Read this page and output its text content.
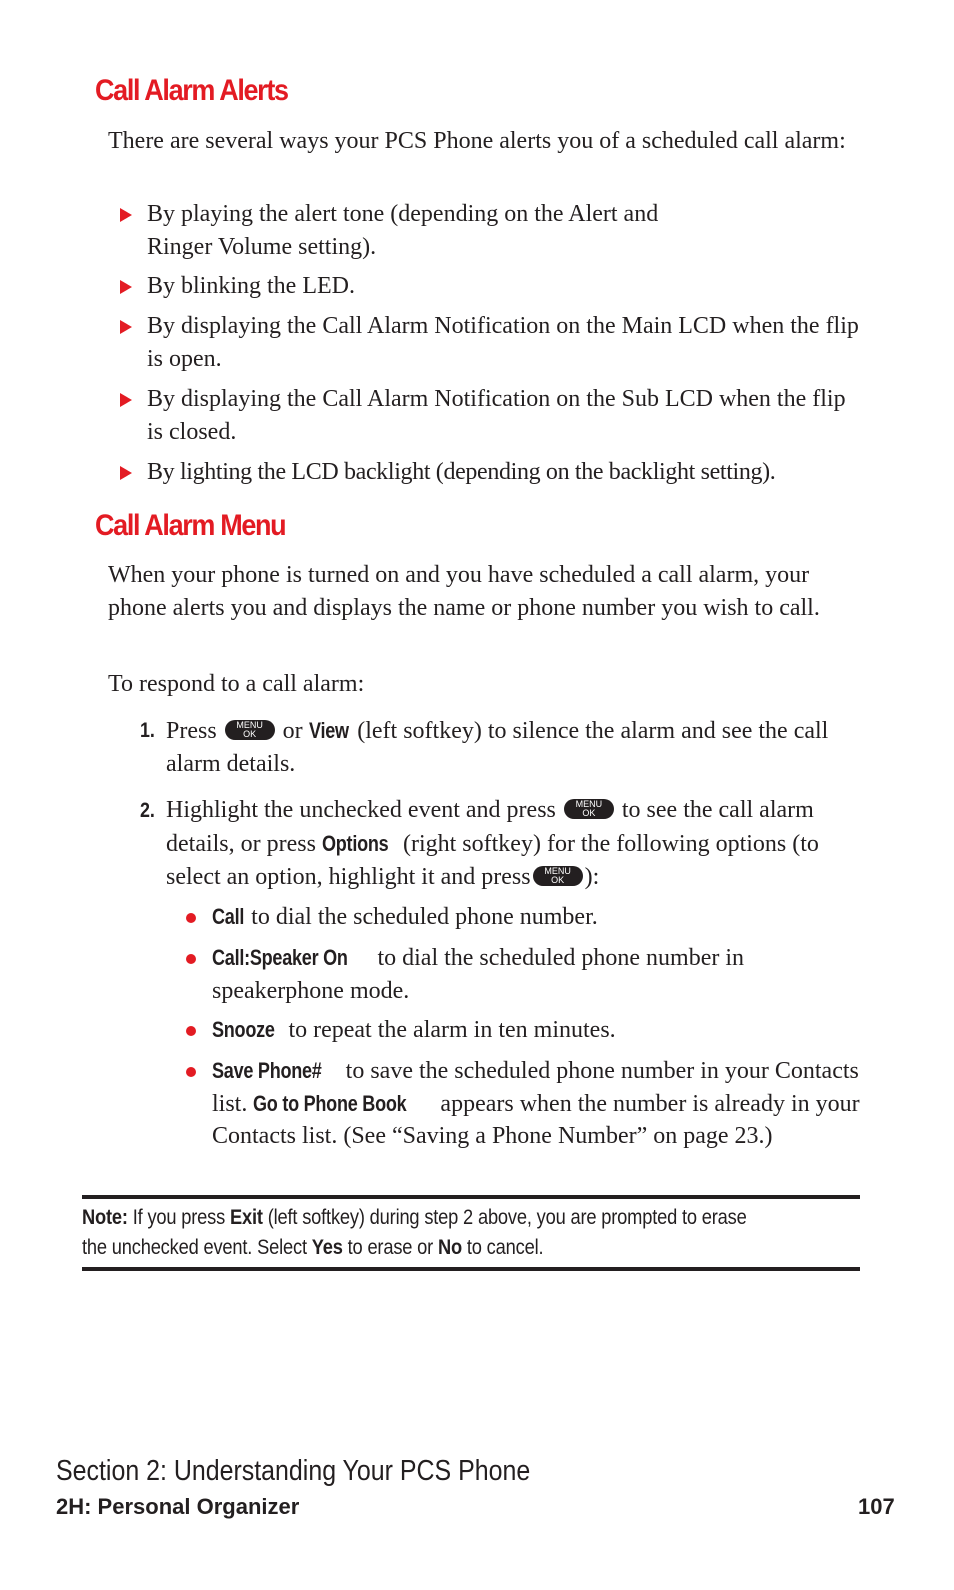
Call Alarm Alerts

There are several ways your PCS Phone alerts you of a scheduled call alarm:

By playing the alert tone (depending on the Alert and
Ringer Volume setting).
By blinking the LED.
By displaying the Call Alarm Notification on the Main LCD when the flip is open.
By displaying the Call Alarm Notification on the Sub LCD when the flip is closed.
By lighting the LCD backlight (depending on the backlight setting).
Call Alarm Menu

When your phone is turned on and you have scheduled a call alarm, your phone alerts you and displays the name or phone number you wish to call.

To respond to a call alarm:

1. Press	MENU
OK	or View (left softkey) to silence the alarm and see the call alarm details.
2. Highlight the unchecked event and press	MENU
OK	to see the call alarm details, or press Options (right softkey) for the following options (to select an option, highlight it and press	MENU
OK ):
Call to dial the scheduled phone number.
Call:Speaker On to dial the scheduled phone number in speakerphone mode.
Snooze to repeat the alarm in ten minutes.
Save Phone# to save the scheduled phone number in your Contacts list. Go to Phone Book appears when the number is already in your Contacts list. (See “Saving a Phone Number” on page 23.)
Note: If you press Exit (left softkey) during step 2 above, you are prompted to erase the unchecked event. Select Yes to erase or No to cancel.
Section 2: Understanding Your PCS Phone
2H: Personal Organizer	107
